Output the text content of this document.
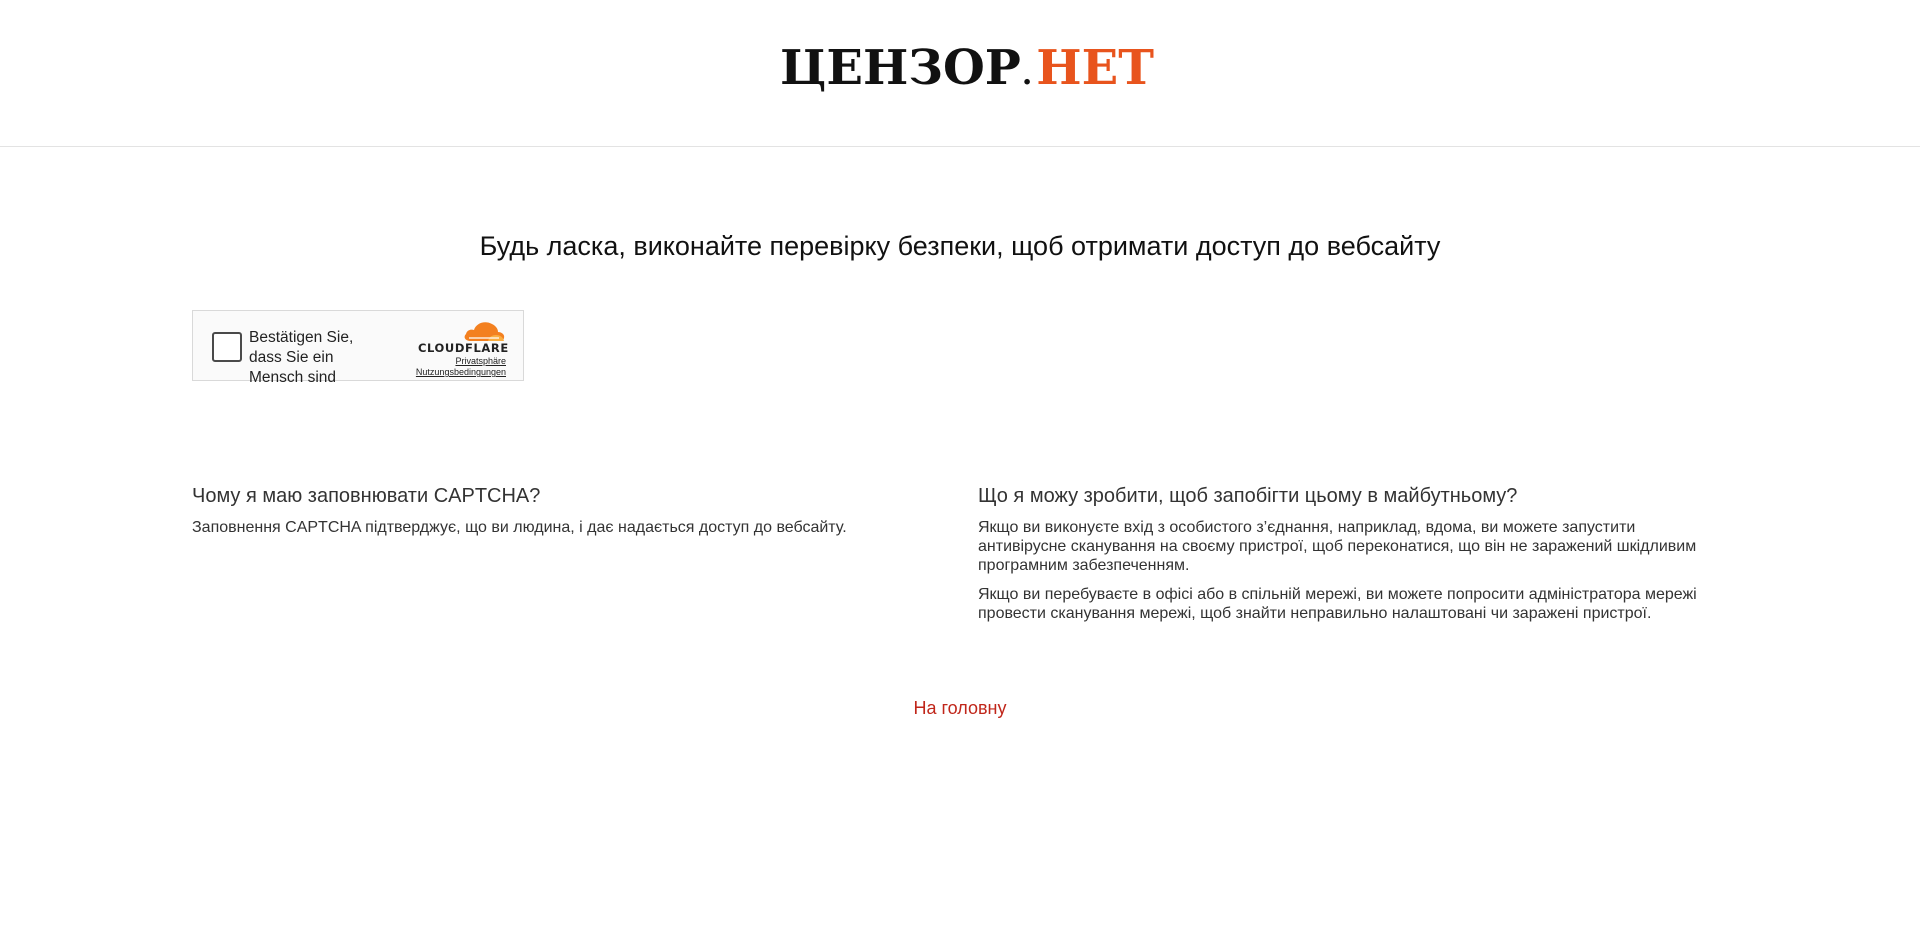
ЦЕНЗОР . НЕТ
Будь ласка, виконайте перевірку безпеки, щоб отримати доступ до вебсайту
Bestätigen Sie, dass Sie ein Mensch sind
CLOUDFLARE
Privatsphäre
Nutzungsbedingungen
Чому я маю заповнювати CAPTCHA?
Заповнення CAPTCHA підтверджує, що ви людина, і дає надається доступ до вебсайту.
Що я можу зробити, щоб запобігти цьому в майбутньому?
Якщо ви виконуєте вхід з особистого з’єднання, наприклад, вдома, ви можете запустити антивірусне сканування на своєму пристрої, щоб переконатися, що він не заражений шкідливим програмним забезпеченням.
Якщо ви перебуваєте в офісі або в спільній мережі, ви можете попросити адміністратора мережі провести сканування мережі, щоб знайти неправильно налаштовані чи заражені пристрої.
На головну
